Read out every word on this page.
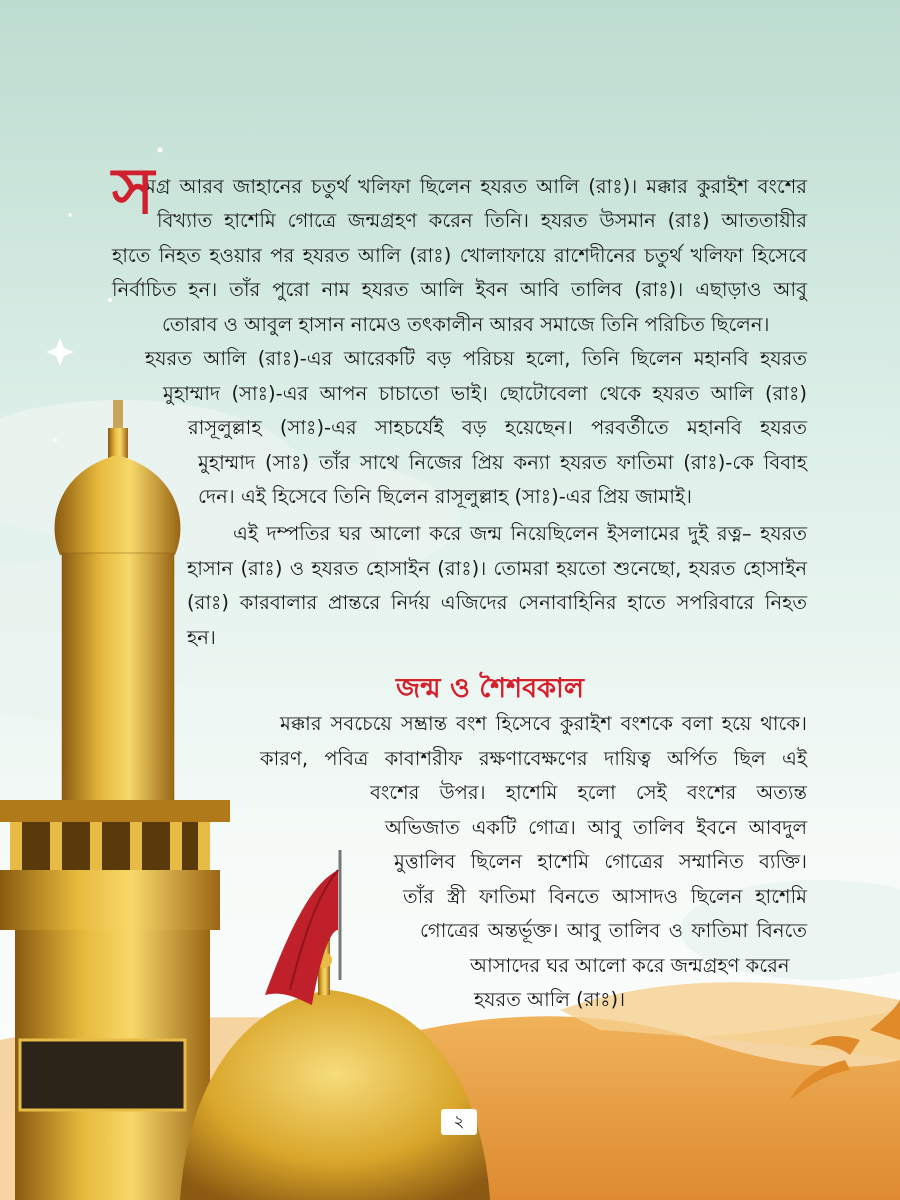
স

মগ্র আরব জাহানের চতুর্থ খলিফা ছিলেন হযরত আলি (রাঃ)। মক্কার কুরাইশ বংশের

বিখ্যাত হাশেমি গোত্রে জন্মগ্রহণ করেন তিনি। হযরত উসমান (রাঃ) আততায়ীর

হাতে নিহত হওয়ার পর হযরত আলি (রাঃ) খোলাফায়ে রাশেদীনের চতুর্থ খলিফা হিসেবে

নির্বাচিত হন। তাঁর পুরো নাম হযরত আলি ইবন আবি তালিব (রাঃ)। এছাড়াও আবু

তোরাব ও আবুল হাসান নামেও তৎকালীন আরব সমাজে তিনি পরিচিত ছিলেন।

হযরত আলি (রাঃ)-এর আরেকটি বড় পরিচয় হলো, তিনি ছিলেন মহানবি হযরত

মুহাম্মাদ (সাঃ)-এর আপন চাচাতো ভাই। ছোটোবেলা থেকে হযরত আলি (রাঃ)

রাসূলুল্লাহ (সাঃ)-এর সাহচর্যেই বড় হয়েছেন। পরবর্তীতে মহানবি হযরত

মুহাম্মাদ (সাঃ) তাঁর সাথে নিজের প্রিয় কন্যা হযরত ফাতিমা (রাঃ)-কে বিবাহ

দেন। এই হিসেবে তিনি ছিলেন রাসূলুল্লাহ (সাঃ)-এর প্রিয় জামাই।

এই দম্পতির ঘর আলো করে জন্ম নিয়েছিলেন ইসলামের দুই রত্ন– হযরত

হাসান (রাঃ) ও হযরত হোসাইন (রাঃ)। তোমরা হয়তো শুনেছো, হযরত হোসাইন

(রাঃ) কারবালার প্রান্তরে নির্দয় এজিদের সেনাবাহিনির হাতে সপরিবারে নিহত

হন।

জন্ম ও শৈশবকাল

মক্কার সবচেয়ে সম্ভ্রান্ত বংশ হিসেবে কুরাইশ বংশকে বলা হয়ে থাকে।

কারণ, পবিত্র কাবাশরীফ রক্ষণাবেক্ষণের দায়িত্ব অর্পিত ছিল এই

বংশের উপর। হাশেমি হলো সেই বংশের অত্যন্ত

অভিজাত একটি গোত্র। আবু তালিব ইবনে আবদুল

মুত্তালিব ছিলেন হাশেমি গোত্রের সম্মানিত ব্যক্তি।

তাঁর স্ত্রী ফাতিমা বিনতে আসাদও ছিলেন হাশেমি

গোত্রের অন্তর্ভূক্ত। আবু তালিব ও ফাতিমা বিনতে

আসাদের ঘর আলো করে জন্মগ্রহণ করেন

হযরত আলি (রাঃ)।

২
